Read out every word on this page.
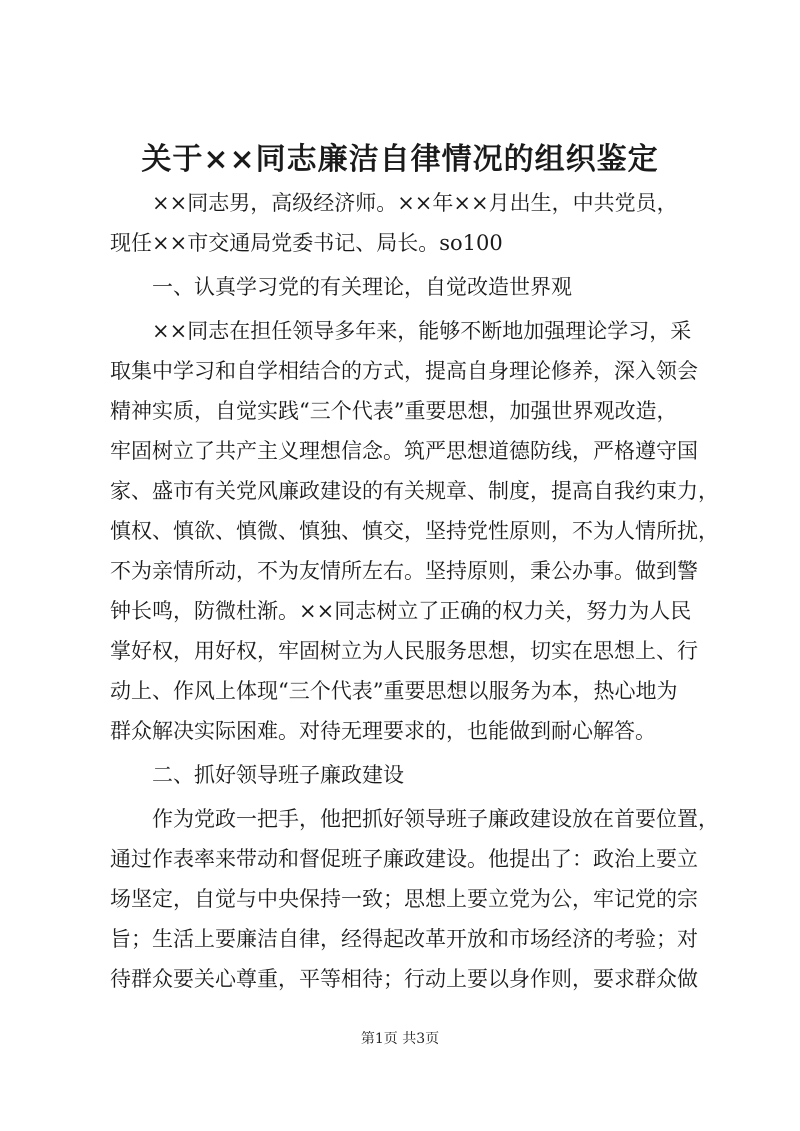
关于××同志廉洁自律情况的组织鉴定
××同志男，高级经济师。××年××月出生，中共党员，
现任××市交通局党委书记、局长。so100
一、认真学习党的有关理论，自觉改造世界观
××同志在担任领导多年来，能够不断地加强理论学习，采
取集中学习和自学相结合的方式，提高自身理论修养，深入领会
精神实质，自觉实践“三个代表”重要思想，加强世界观改造，
牢固树立了共产主义理想信念。筑严思想道德防线，严格遵守国
家、盛市有关党风廉政建设的有关规章、制度，提高自我约束力，
慎权、慎欲、慎微、慎独、慎交，坚持党性原则，不为人情所扰，
不为亲情所动，不为友情所左右。坚持原则，秉公办事。做到警
钟长鸣，防微杜渐。××同志树立了正确的权力关，努力为人民
掌好权，用好权，牢固树立为人民服务思想，切实在思想上、行
动上、作风上体现“三个代表”重要思想以服务为本，热心地为
群众解决实际困难。对待无理要求的，也能做到耐心解答。
二、抓好领导班子廉政建设
作为党政一把手，他把抓好领导班子廉政建设放在首要位置，
通过作表率来带动和督促班子廉政建设。他提出了：政治上要立
场坚定，自觉与中央保持一致；思想上要立党为公，牢记党的宗
旨；生活上要廉洁自律，经得起改革开放和市场经济的考验；对
待群众要关心尊重，平等相待；行动上要以身作则，要求群众做
第1页 共3页
